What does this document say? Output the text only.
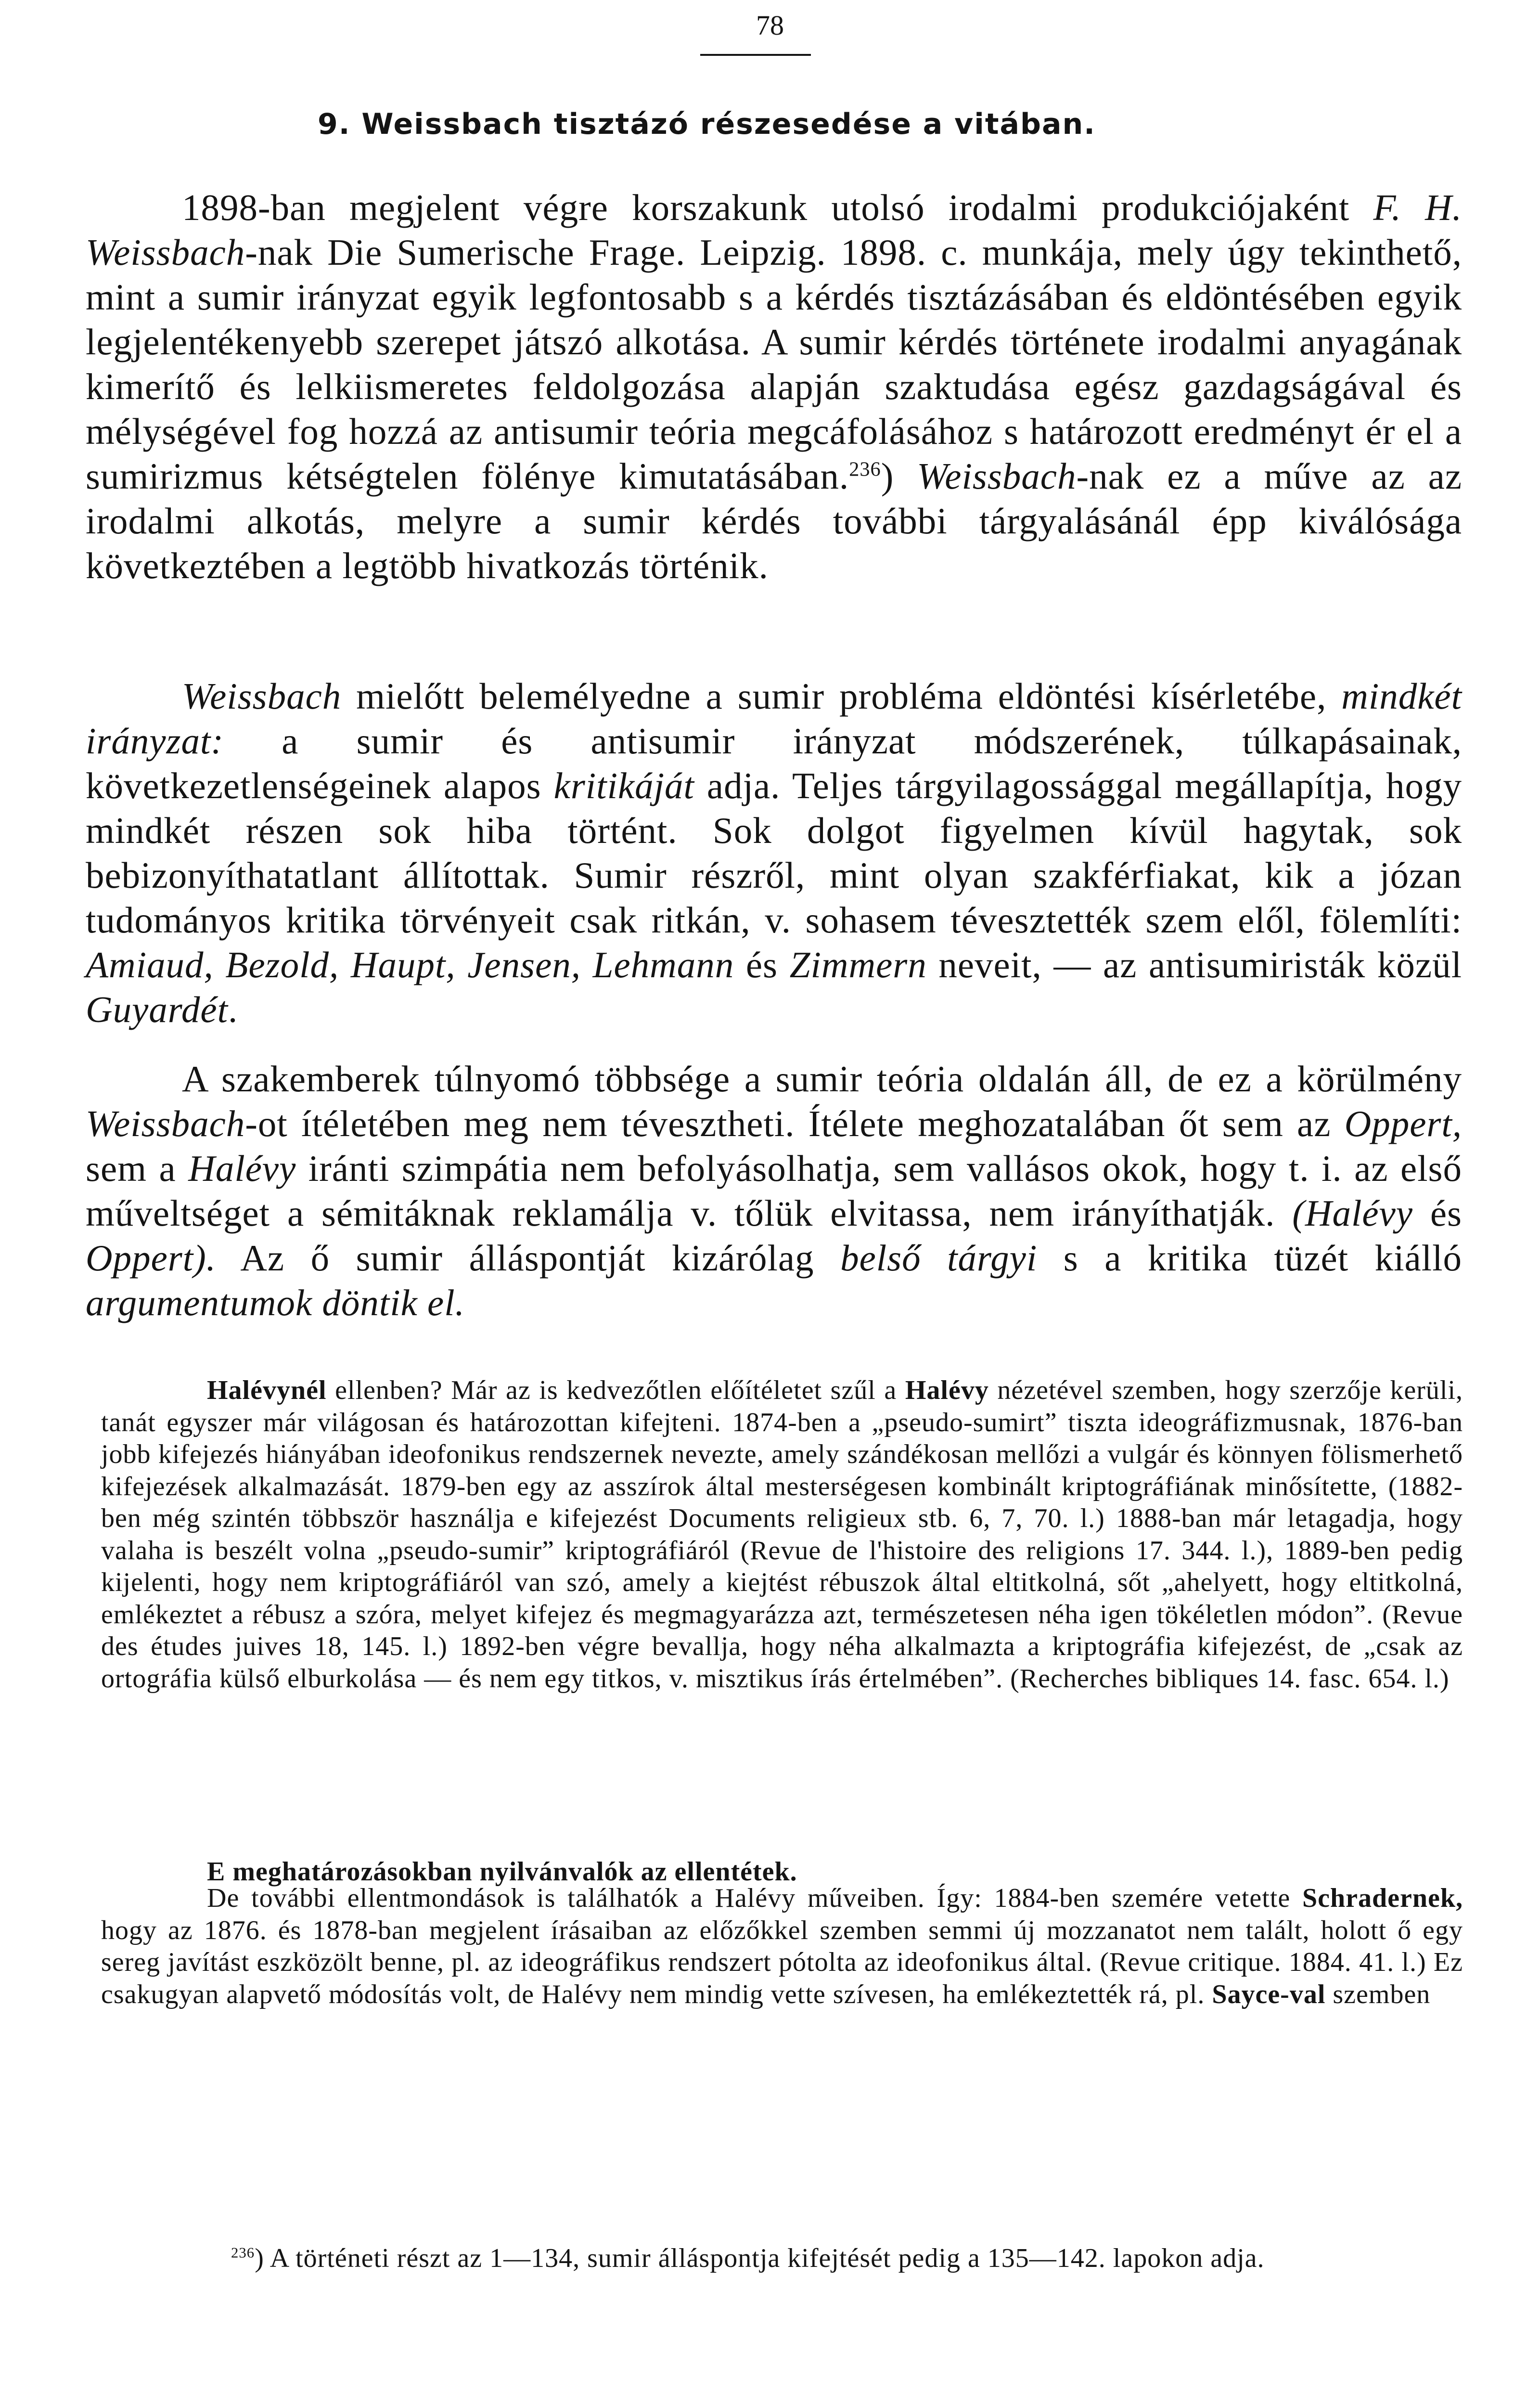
78
9. Weissbach tisztázó részesedése a vitában.

1898-ban megjelent végre korszakunk utolsó irodalmi produkciójaként F. H. Weissbach-nak Die Sumerische Frage. Leipzig. 1898. c. munkája, mely úgy tekinthető, mint a sumir irányzat egyik legfontosabb s a kérdés tisztázásában és eldöntésében egyik legjelentékenyebb szerepet játszó alkotása. A sumir kérdés története irodalmi anyagának kimerítő és lelkiismeretes feldolgozása alapján szaktudása egész gazdagságával és mélységével fog hozzá az antisumir teória megcáfolásához s határozott eredményt ér el a sumirizmus kétségtelen fölénye kimutatásában.$^{236}$) Weissbach-nak ez a műve az az irodalmi alkotás, melyre a sumir kérdés további tárgyalásánál épp kiválósága következtében a legtöbb hivatkozás történik.

Weissbach mielőtt belemélyedne a sumir probléma eldöntési kísérletébe, mindkét irányzat: a sumir és antisumir irányzat módszerének, túlkapásainak, következetlenségeinek alapos kritikáját adja. Teljes tárgyilagossággal megállapítja, hogy mindkét részen sok hiba történt. Sok dolgot figyelmen kívül hagytak, sok bebizonyíthatatlant állítottak. Sumir részről, mint olyan szakférfiakat, kik a józan tudományos kritika törvényeit csak ritkán, v. sohasem tévesztették szem elől, fölemlíti: Amiaud, Bezold, Haupt, Jensen, Lehmann és Zimmern neveit, — az antisumiristák közül Guyardét.

A szakemberek túlnyomó többsége a sumir teória oldalán áll, de ez a körülmény Weissbach-ot ítéletében meg nem tévesztheti. Ítélete meghozatalában őt sem az Oppert, sem a Halévy iránti szimpátia nem befolyásolhatja, sem vallásos okok, hogy t. i. az első műveltséget a sémitáknak reklamálja v. tőlük elvitassa, nem irányíthatják. (Halévy és Oppert). Az ő sumir álláspontját kizárólag belső tárgyi s a kritika tüzét kiálló argumentumok döntik el.

Halévynél ellenben? Már az is kedvezőtlen előítéletet szűl a Halévy nézetével szemben, hogy szerzője kerüli, tanát egyszer már világosan és határozottan kifejteni. 1874-ben a „pseudo-sumirt” tiszta ideográfizmusnak, 1876-ban jobb kifejezés hiányában ideofonikus rendszernek nevezte, amely szándékosan mellőzi a vulgár és könnyen fölismerhető kifejezések alkalmazását. 1879-ben egy az asszírok által mesterségesen kombinált kriptográfiának minősítette, (1882-ben még szintén többször használja e kifejezést Documents religieux stb. 6, 7, 70. l.) 1888-ban már letagadja, hogy valaha is beszélt volna „pseudo-sumir” kriptográfiáról (Revue de l'histoire des religions 17. 344. l.), 1889-ben pedig kijelenti, hogy nem kriptográfiáról van szó, amely a kiejtést rébuszok által eltitkolná, sőt „ahelyett, hogy eltitkolná, emlékeztet a rébusz a szóra, melyet kifejez és megmagyarázza azt, természetesen néha igen tökéletlen módon”. (Revue des études juives 18, 145. l.) 1892-ben végre bevallja, hogy néha alkalmazta a kriptográfia kifejezést, de „csak az ortográfia külső elburkolása — és nem egy titkos, v. misztikus írás értelmében”. (Recherches bibliques 14. fasc. 654. l.)

E meghatározásokban nyilvánvalók az ellentétek.

De további ellentmondások is találhatók a Halévy műveiben. Így: 1884-ben szemére vetette Schradernek, hogy az 1876. és 1878-ban megjelent írásaiban az előzőkkel szemben semmi új mozzanatot nem talált, holott ő egy sereg javítást eszközölt benne, pl. az ideográfikus rendszert pótolta az ideofonikus által. (Revue critique. 1884. 41. l.) Ez csakugyan alapvető módosítás volt, de Halévy nem mindig vette szívesen, ha emlékeztették rá, pl. Sayce-val szemben

$^{236}$) A történeti részt az 1—134, sumir álláspontja kifejtését pedig a 135—142. lapokon adja.
